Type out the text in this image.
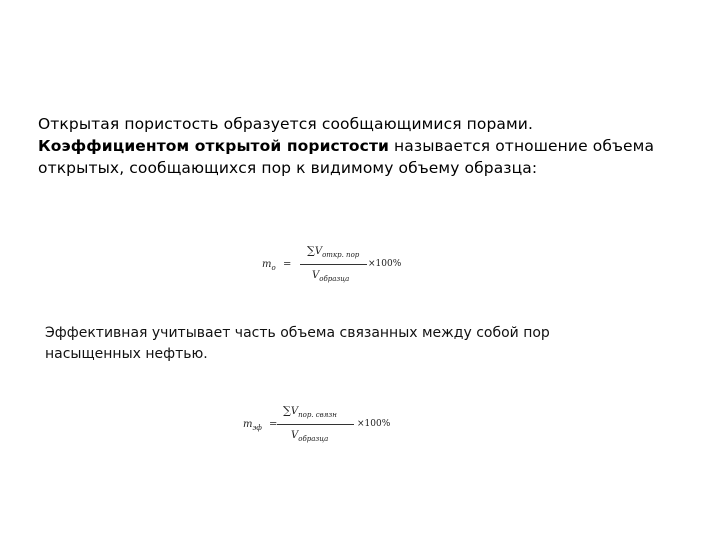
Открытая пористость образуется сообщающимися порами.
Коэффициентом открытой пористости называется отношение объема
открытых, сообщающихся пор к видимому объему образца:
$m_o$ =
$\sum V_{откр. пор}$
$V_{образца}$
×100%
Эффективная учитывает часть объема связанных между собой пор
насыщенных нефтью.
$m_{эф}$ =
$\sum V_{пор. связн}$
$V_{образца}$
×100%
